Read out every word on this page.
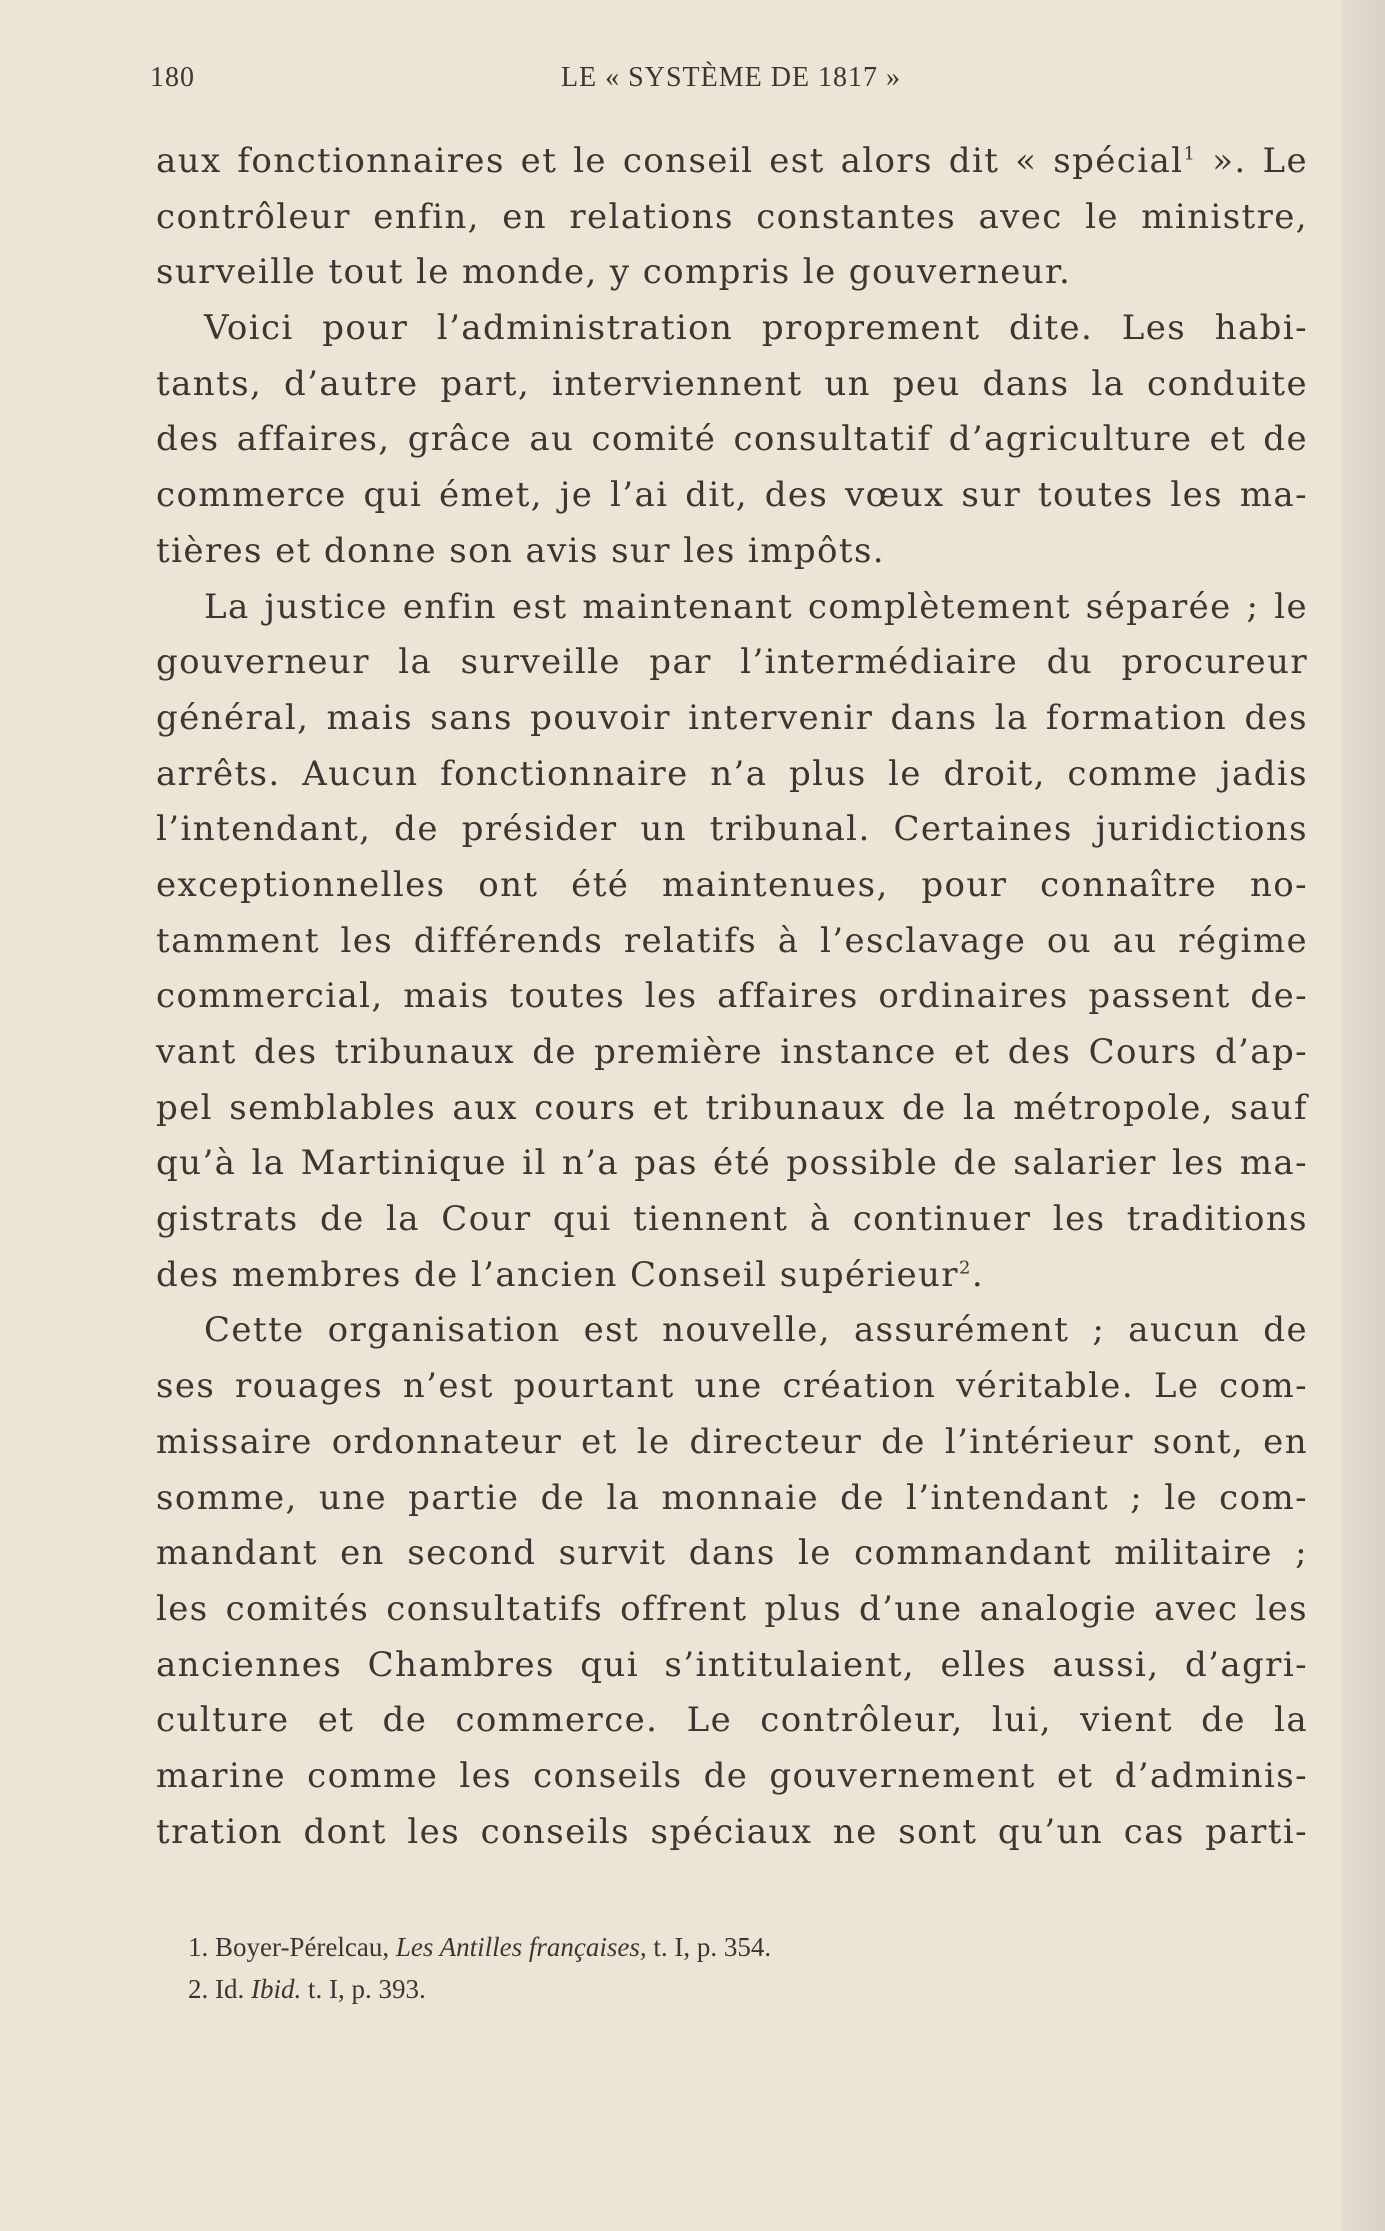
180	LE « SYSTÈME DE 1817 »
aux fonctionnaires et le conseil est alors dit « spécial$^1$ ». Le
contrôleur enfin, en relations constantes avec le ministre,
surveille tout le monde, y compris le gouverneur.
Voici pour l’administration proprement dite. Les habi-
tants, d’autre part, interviennent un peu dans la conduite
des affaires, grâce au comité consultatif d’agriculture et de
commerce qui émet, je l’ai dit, des vœux sur toutes les ma-
tières et donne son avis sur les impôts.
La justice enfin est maintenant complètement séparée ; le
gouverneur la surveille par l’intermédiaire du procureur
général, mais sans pouvoir intervenir dans la formation des
arrêts. Aucun fonctionnaire n’a plus le droit, comme jadis
l’intendant, de présider un tribunal. Certaines juridictions
exceptionnelles ont été maintenues, pour connaître no-
tamment les différends relatifs à l’esclavage ou au régime
commercial, mais toutes les affaires ordinaires passent de-
vant des tribunaux de première instance et des Cours d’ap-
pel semblables aux cours et tribunaux de la métropole, sauf
qu’à la Martinique il n’a pas été possible de salarier les ma-
gistrats de la Cour qui tiennent à continuer les traditions
des membres de l’ancien Conseil supérieur$^2$.
Cette organisation est nouvelle, assurément ; aucun de
ses rouages n’est pourtant une création véritable. Le com-
missaire ordonnateur et le directeur de l’intérieur sont, en
somme, une partie de la monnaie de l’intendant ; le com-
mandant en second survit dans le commandant militaire ;
les comités consultatifs offrent plus d’une analogie avec les
anciennes Chambres qui s’intitulaient, elles aussi, d’agri-
culture et de commerce. Le contrôleur, lui, vient de la
marine comme les conseils de gouvernement et d’adminis-
tration dont les conseils spéciaux ne sont qu’un cas parti-
1. Boyer-Pérelcau, Les Antilles françaises, t. I, p. 354.
2. Id. Ibid. t. I, p. 393.
